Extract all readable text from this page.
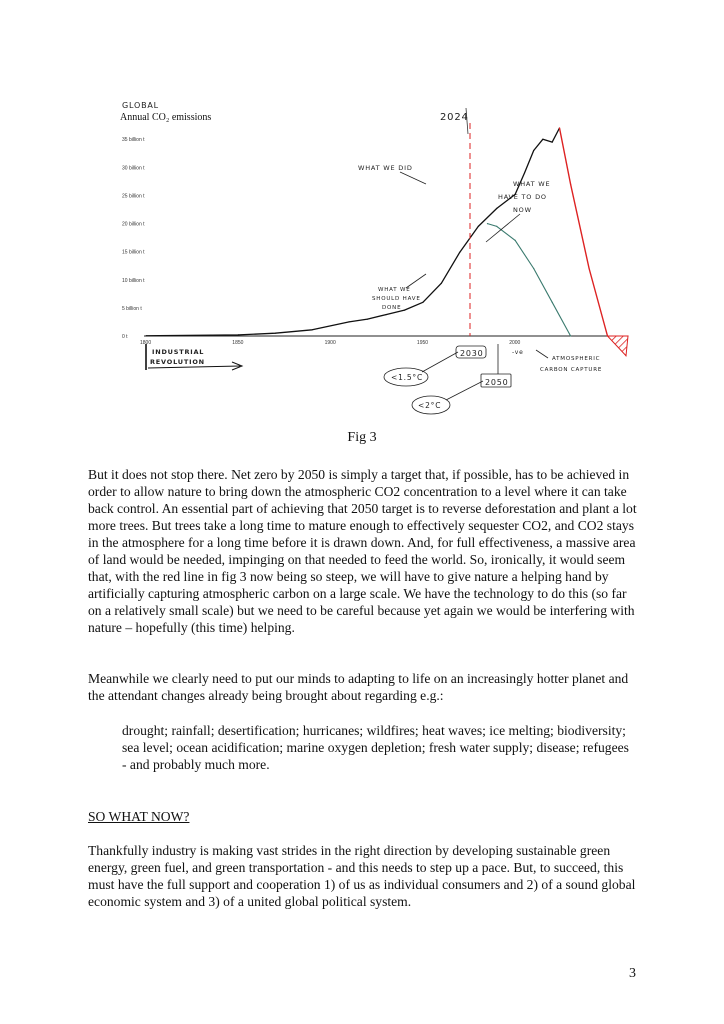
GLOBAL
Annual CO₂ emissions
0 t
5 billion t
10 billion t
15 billion t
20 billion t
25 billion t
30 billion t
35 billion t
1800	1850	1900	1950	2000
2024
WHAT WE DID
WHAT WE
HAVE TO DO
NOW
WHAT WE
SHOULD HAVE
DONE
INDUSTRIAL
REVOLUTION
2030
2050
<1.5°C
<2°C
-ve
ATMOSPHERIC
CARBON CAPTURE
Fig 3

But it does not stop there. Net zero by 2050 is simply a target that, if possible, has to be achieved in order to allow nature to bring down the atmospheric CO2 concentration to a level where it can take back control. An essential part of achieving that 2050 target is to reverse deforestation and plant a lot more trees. But trees take a long time to mature enough to effectively sequester CO2, and CO2 stays in the atmosphere for a long time before it is drawn down. And, for full effectiveness, a massive area of land would be needed, impinging on that needed to feed the world. So, ironically, it would seem that, with the red line in fig 3 now being so steep, we will have to give nature a helping hand by artificially capturing atmospheric carbon on a large scale. We have the technology to do this (so far on a relatively small scale) but we need to be careful because yet again we would be interfering with nature – hopefully (this time) helping.

Meanwhile we clearly need to put our minds to adapting to life on an increasingly hotter planet and the attendant changes already being brought about regarding e.g.:

drought; rainfall; desertification; hurricanes; wildfires; heat waves; ice melting; biodiversity; sea level; ocean acidification; marine oxygen depletion; fresh water supply; disease; refugees - and probably much more.

SO WHAT NOW?

Thankfully industry is making vast strides in the right direction by developing sustainable green energy, green fuel, and green transportation - and this needs to step up a pace. But, to succeed, this must have the full support and cooperation 1) of us as individual consumers and 2) of a sound global economic system and 3) of a united global political system.

3
